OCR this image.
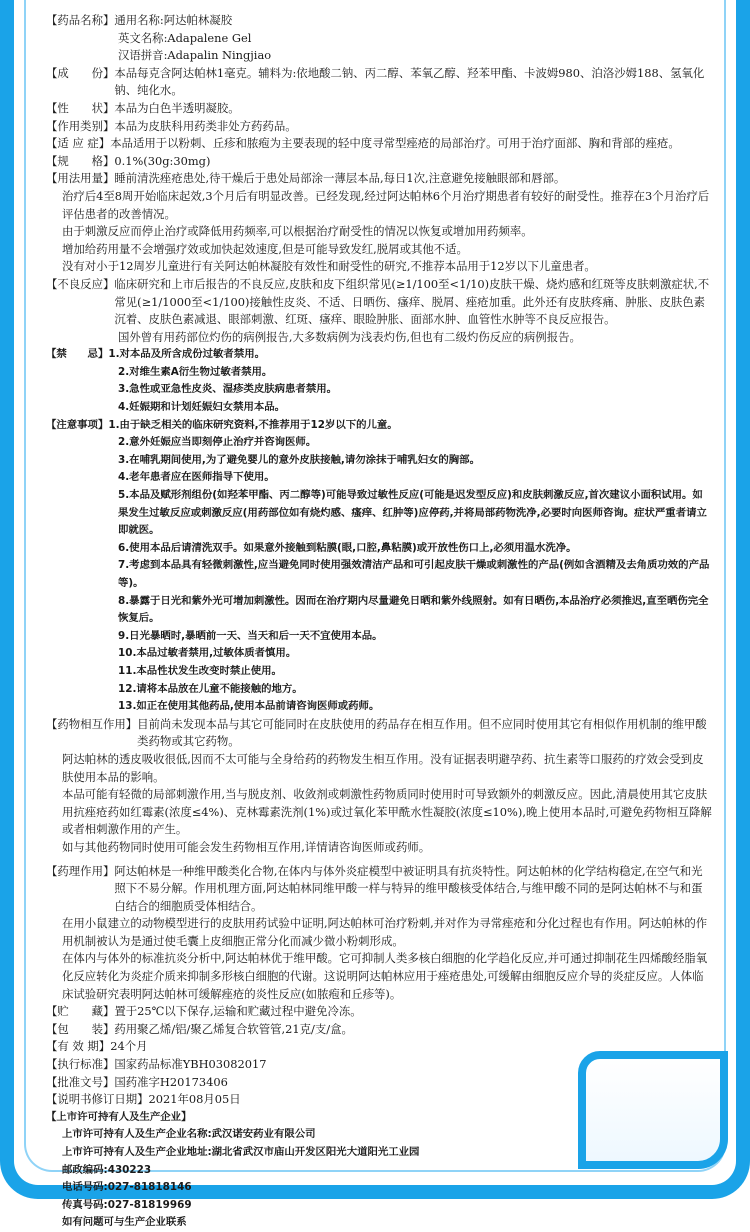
【药品名称】 通用名称:阿达帕林凝胶
英文名称:Adapalene Gel
汉语拼音:Adapalin Ningjiao
【成　　份】 本品每克含阿达帕林1毫克。辅料为:依地酸二钠、丙二醇、苯氧乙醇、羟苯甲酯、卡波姆980、泊洛沙姆188、氢氧化钠、纯化水。
【性　　状】 本品为白色半透明凝胶。
【作用类别】 本品为皮肤科用药类非处方药药品。
【适 应 症】 本品适用于以粉刺、丘疹和脓疱为主要表现的轻中度寻常型痤疮的局部治疗。可用于治疗面部、胸和背部的痤疮。
【规　　格】 0.1%(30g:30mg)
【用法用量】 睡前清洗痤疮患处,待干燥后于患处局部涂一薄层本品,每日1次,注意避免接触眼部和唇部。
治疗后4至8周开始临床起效,3个月后有明显改善。已经发现,经过阿达帕林6个月治疗期患者有较好的耐受性。推荐在3个月治疗后评估患者的改善情况。
由于刺激反应而停止治疗或降低用药频率,可以根据治疗耐受性的情况以恢复或增加用药频率。
增加给药用量不会增强疗效或加快起效速度,但是可能导致发红,脱屑或其他不适。
没有对小于12周岁儿童进行有关阿达帕林凝胶有效性和耐受性的研究,不推荐本品用于12岁以下儿童患者。
【不良反应】 临床研究和上市后报告的不良反应,皮肤和皮下组织常见(≥1/100至<1/10)皮肤干燥、烧灼感和红斑等皮肤刺激症状,不常见(≥1/1000至<1/100)接触性皮炎、不适、日晒伤、瘙痒、脱屑、痤疮加重。此外还有皮肤疼痛、肿胀、皮肤色素沉着、皮肤色素减退、眼部刺激、红斑、瘙痒、眼睑肿胀、面部水肿、血管性水肿等不良反应报告。
国外曾有用药部位灼伤的病例报告,大多数病例为浅表灼伤,但也有二级灼伤反应的病例报告。
【禁　　忌】 1.对本品及所含成份过敏者禁用。
2.对维生素A衍生物过敏者禁用。
3.急性或亚急性皮炎、湿疹类皮肤病患者禁用。
4.妊娠期和计划妊娠妇女禁用本品。
【注意事项】 1.由于缺乏相关的临床研究资料,不推荐用于12岁以下的儿童。
2.意外妊娠应当即刻停止治疗并咨询医师。
3.在哺乳期间使用,为了避免婴儿的意外皮肤接触,请勿涂抹于哺乳妇女的胸部。
4.老年患者应在医师指导下使用。
5.本品及赋形剂组份(如羟苯甲酯、丙二醇等)可能导致过敏性反应(可能是迟发型反应)和皮肤刺激反应,首次建议小面积试用。如果发生过敏反应或刺激反应(用药部位如有烧灼感、瘙痒、红肿等)应停药,并将局部药物洗净,必要时向医师咨询。症状严重者请立即就医。
6.使用本品后请清洗双手。如果意外接触到粘膜(眼,口腔,鼻粘膜)或开放性伤口上,必须用温水洗净。
7.考虑到本品具有轻微刺激性,应当避免同时使用强效清洁产品和可引起皮肤干燥或刺激性的产品(例如含酒精及去角质功效的产品等)。
8.暴露于日光和紫外光可增加刺激性。因而在治疗期内尽量避免日晒和紫外线照射。如有日晒伤,本品治疗必须推迟,直至晒伤完全恢复后。
9.日光暴晒时,暴晒前一天、当天和后一天不宜使用本品。
10.本品过敏者禁用,过敏体质者慎用。
11.本品性状发生改变时禁止使用。
12.请将本品放在儿童不能接触的地方。
13.如正在使用其他药品,使用本品前请咨询医师或药师。
【药物相互作用】 目前尚未发现本品与其它可能同时在皮肤使用的药品存在相互作用。但不应同时使用其它有相似作用机制的维甲酸类药物或其它药物。
阿达帕林的透皮吸收很低,因而不太可能与全身给药的药物发生相互作用。没有证据表明避孕药、抗生素等口服药的疗效会受到皮肤使用本品的影响。
本品可能有轻微的局部刺激作用,当与脱皮剂、收敛剂或刺激性药物质同时使用时可导致额外的刺激反应。因此,清晨使用其它皮肤用抗痤疮药如红霉素(浓度≤4%)、克林霉素洗剂(1%)或过氧化苯甲酰水性凝胶(浓度≤10%),晚上使用本品时,可避免药物相互降解或者相刺激作用的产生。
如与其他药物同时使用可能会发生药物相互作用,详情请咨询医师或药师。
【药理作用】 阿达帕林是一种维甲酸类化合物,在体内与体外炎症模型中被证明具有抗炎特性。阿达帕林的化学结构稳定,在空气和光照下不易分解。作用机理方面,阿达帕林同维甲酸一样与特异的维甲酸核受体结合,与维甲酸不同的是阿达帕林不与和蛋白结合的细胞质受体相结合。
在用小鼠建立的动物模型进行的皮肤用药试验中证明,阿达帕林可治疗粉刺,并对作为寻常痤疮和分化过程也有作用。阿达帕林的作用机制被认为是通过使毛囊上皮细胞正常分化而减少微小粉刺形成。
在体内与体外的标准抗炎分析中,阿达帕林优于维甲酸。它可抑制人类多核白细胞的化学趋化反应,并可通过抑制花生四烯酸经脂氧化反应转化为炎症介质来抑制多形核白细胞的代谢。这说明阿达帕林应用于痤疮患处,可缓解由细胞反应介导的炎症反应。人体临床试验研究表明阿达帕林可缓解痤疮的炎性反应(如脓疱和丘疹等)。
【贮　　藏】 置于25℃以下保存,运输和贮藏过程中避免冷冻。
【包　　装】 药用聚乙烯/铝/聚乙烯复合软管管,21克/支/盒。
【有 效 期】 24个月
【执行标准】 国家药品标准YBH03082017
【批准文号】 国药准字H20173406
【说明书修订日期】 2021年08月05日
【上市许可持有人及生产企业】
上市许可持有人及生产企业名称:武汉诺安药业有限公司
上市许可持有人及生产企业地址:湖北省武汉市庙山开发区阳光大道阳光工业园
邮政编码:430223
电话号码:027-81818146
传真号码:027-81819969
如有问题可与生产企业联系
